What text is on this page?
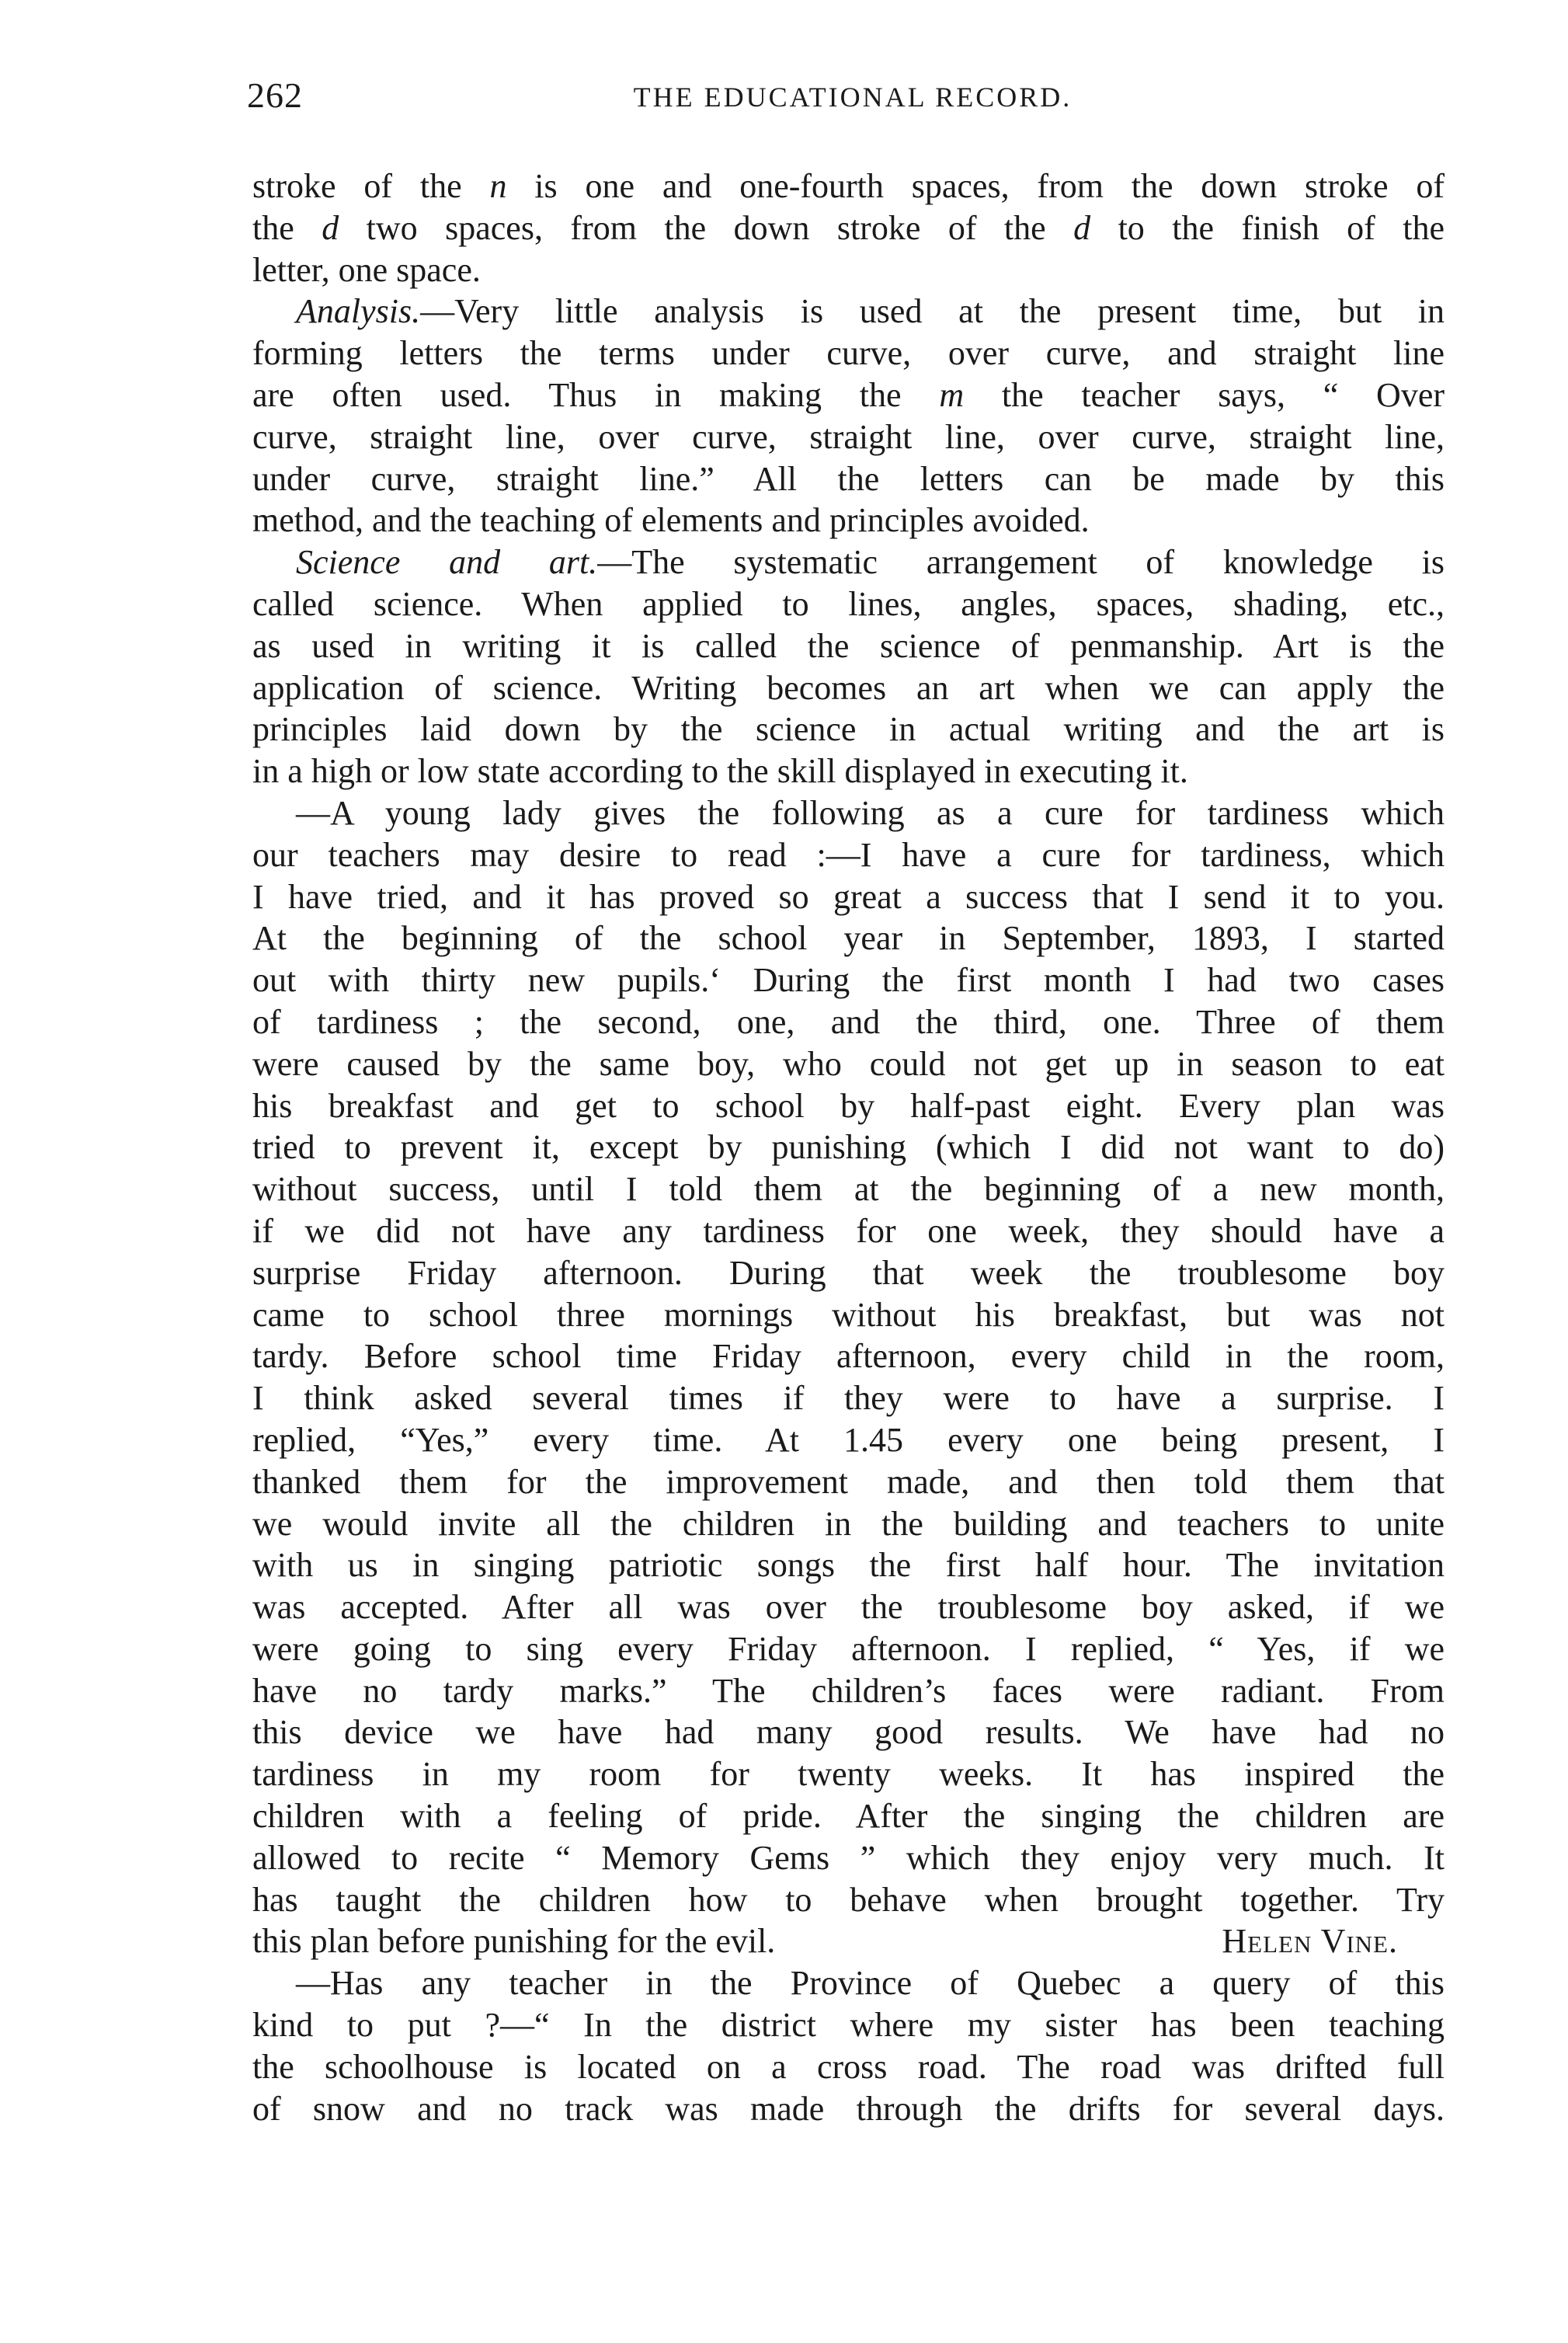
262	THE EDUCATIONAL RECORD.
stroke of the n is one and one-fourth spaces, from the down stroke of
the d two spaces, from the down stroke of the d to the finish of the
letter, one space.
Analysis.—Very little analysis is used at the present time, but in
forming letters the terms under curve, over curve, and straight line
are often used. Thus in making the m the teacher says, “ Over
curve, straight line, over curve, straight line, over curve, straight line,
under curve, straight line.” All the letters can be made by this
method, and the teaching of elements and principles avoided.
Science and art.—The systematic arrangement of knowledge is
called science. When applied to lines, angles, spaces, shading, etc.,
as used in writing it is called the science of penmanship. Art is the
application of science. Writing becomes an art when we can apply the
principles laid down by the science in actual writing and the art is
in a high or low state according to the skill displayed in executing it.
—A young lady gives the following as a cure for tardiness which
our teachers may desire to read :—I have a cure for tardiness, which
I have tried, and it has proved so great a success that I send it to you.
At the beginning of the school year in September, 1893, I started
out with thirty new pupils.‘ During the first month I had two cases
of tardiness ; the second, one, and the third, one. Three of them
were caused by the same boy, who could not get up in season to eat
his breakfast and get to school by half-past eight. Every plan was
tried to prevent it, except by punishing (which I did not want to do)
without success, until I told them at the beginning of a new month,
if we did not have any tardiness for one week, they should have a
surprise Friday afternoon. During that week the troublesome boy
came to school three mornings without his breakfast, but was not
tardy. Before school time Friday afternoon, every child in the room,
I think asked several times if they were to have a surprise. I
replied, “Yes,” every time. At 1.45 every one being present, I
thanked them for the improvement made, and then told them that
we would invite all the children in the building and teachers to unite
with us in singing patriotic songs the first half hour. The invitation
was accepted. After all was over the troublesome boy asked, if we
were going to sing every Friday afternoon. I replied, “ Yes, if we
have no tardy marks.” The children’s faces were radiant. From
this device we have had many good results. We have had no
tardiness in my room for twenty weeks. It has inspired the
children with a feeling of pride. After the singing the children are
allowed to recite “ Memory Gems ” which they enjoy very much. It
has taught the children how to behave when brought together. Try
this plan before punishing for the evil.	Helen Vine.
—Has any teacher in the Province of Quebec a query of this
kind to put ?—“ In the district where my sister has been teaching
the schoolhouse is located on a cross road. The road was drifted full
of snow and no track was made through the drifts for several days.
